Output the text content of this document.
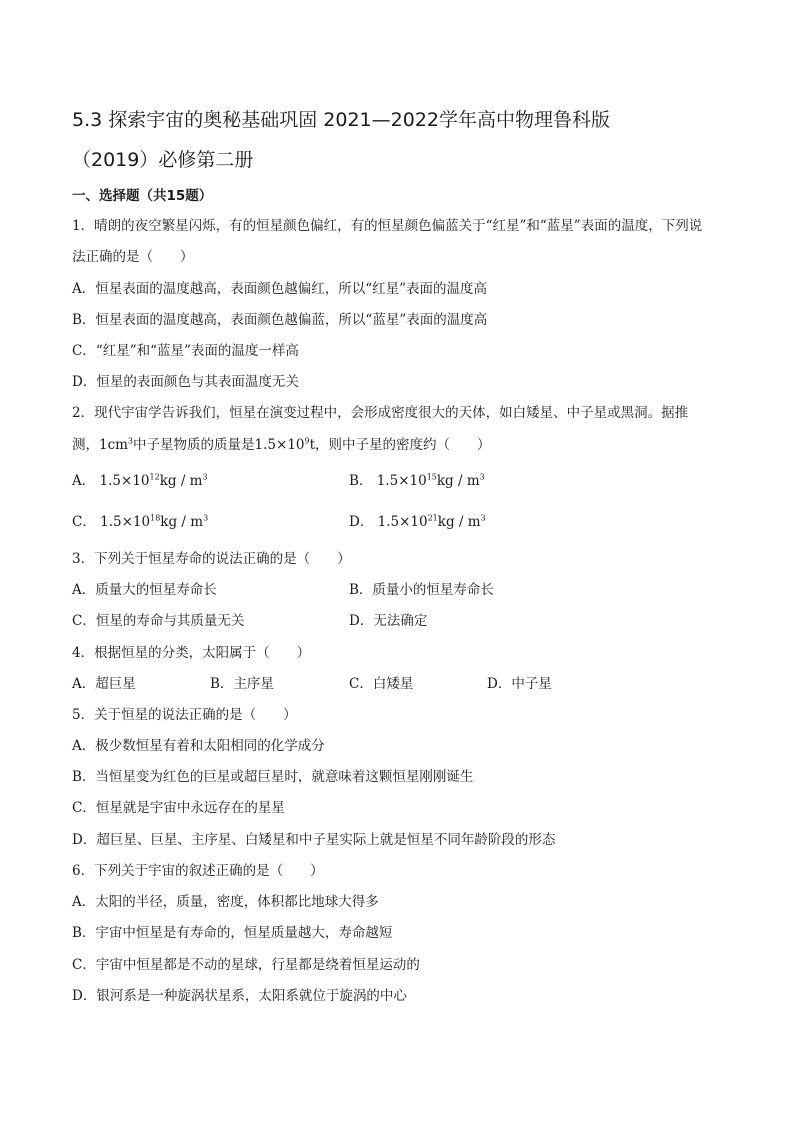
5.3 探索宇宙的奥秘基础巩固 2021—2022学年高中物理鲁科版
（2019）必修第二册
一、选择题（共15题）
1．晴朗的夜空繁星闪烁，有的恒星颜色偏红，有的恒星颜色偏蓝关于“红星”和“蓝星”表面的温度，下列说
法正确的是（　　）
A．恒星表面的温度越高，表面颜色越偏红，所以“红星”表面的温度高
B．恒星表面的温度越高，表面颜色越偏蓝，所以“蓝星”表面的温度高
C．“红星”和“蓝星”表面的温度一样高
D．恒星的表面颜色与其表面温度无关
2．现代宇宙学告诉我们，恒星在演变过程中，会形成密度很大的天体，如白矮星、中子星或黑洞。据推
测，$1cm^3$中子星物质的质量是$1.5\times 10^9t$，则中子星的密度约（　　）
A． $1.5\times 10^{12}kg / m^3$	B． $1.5\times 10^{15}kg / m^3$
C． $1.5\times 10^{18}kg / m^3$	D． $1.5\times 10^{21}kg / m^3$
3．下列关于恒星寿命的说法正确的是（　　）
A．质量大的恒星寿命长	B．质量小的恒星寿命长
C．恒星的寿命与其质量无关	D．无法确定
4．根据恒星的分类，太阳属于（　　）
A．超巨星	B．主序星	C．白矮星	D．中子星
5．关于恒星的说法正确的是（　　）
A．极少数恒星有着和太阳相同的化学成分
B．当恒星变为红色的巨星或超巨星时，就意味着这颗恒星刚刚诞生
C．恒星就是宇宙中永远存在的星星
D．超巨星、巨星、主序星、白矮星和中子星实际上就是恒星不同年龄阶段的形态
6．下列关于宇宙的叙述正确的是（　　）
A．太阳的半径，质量，密度，体积都比地球大得多
B．宇宙中恒星是有寿命的，恒星质量越大，寿命越短
C．宇宙中恒星都是不动的星球，行星都是绕着恒星运动的
D．银河系是一种旋涡状星系，太阳系就位于旋涡的中心
